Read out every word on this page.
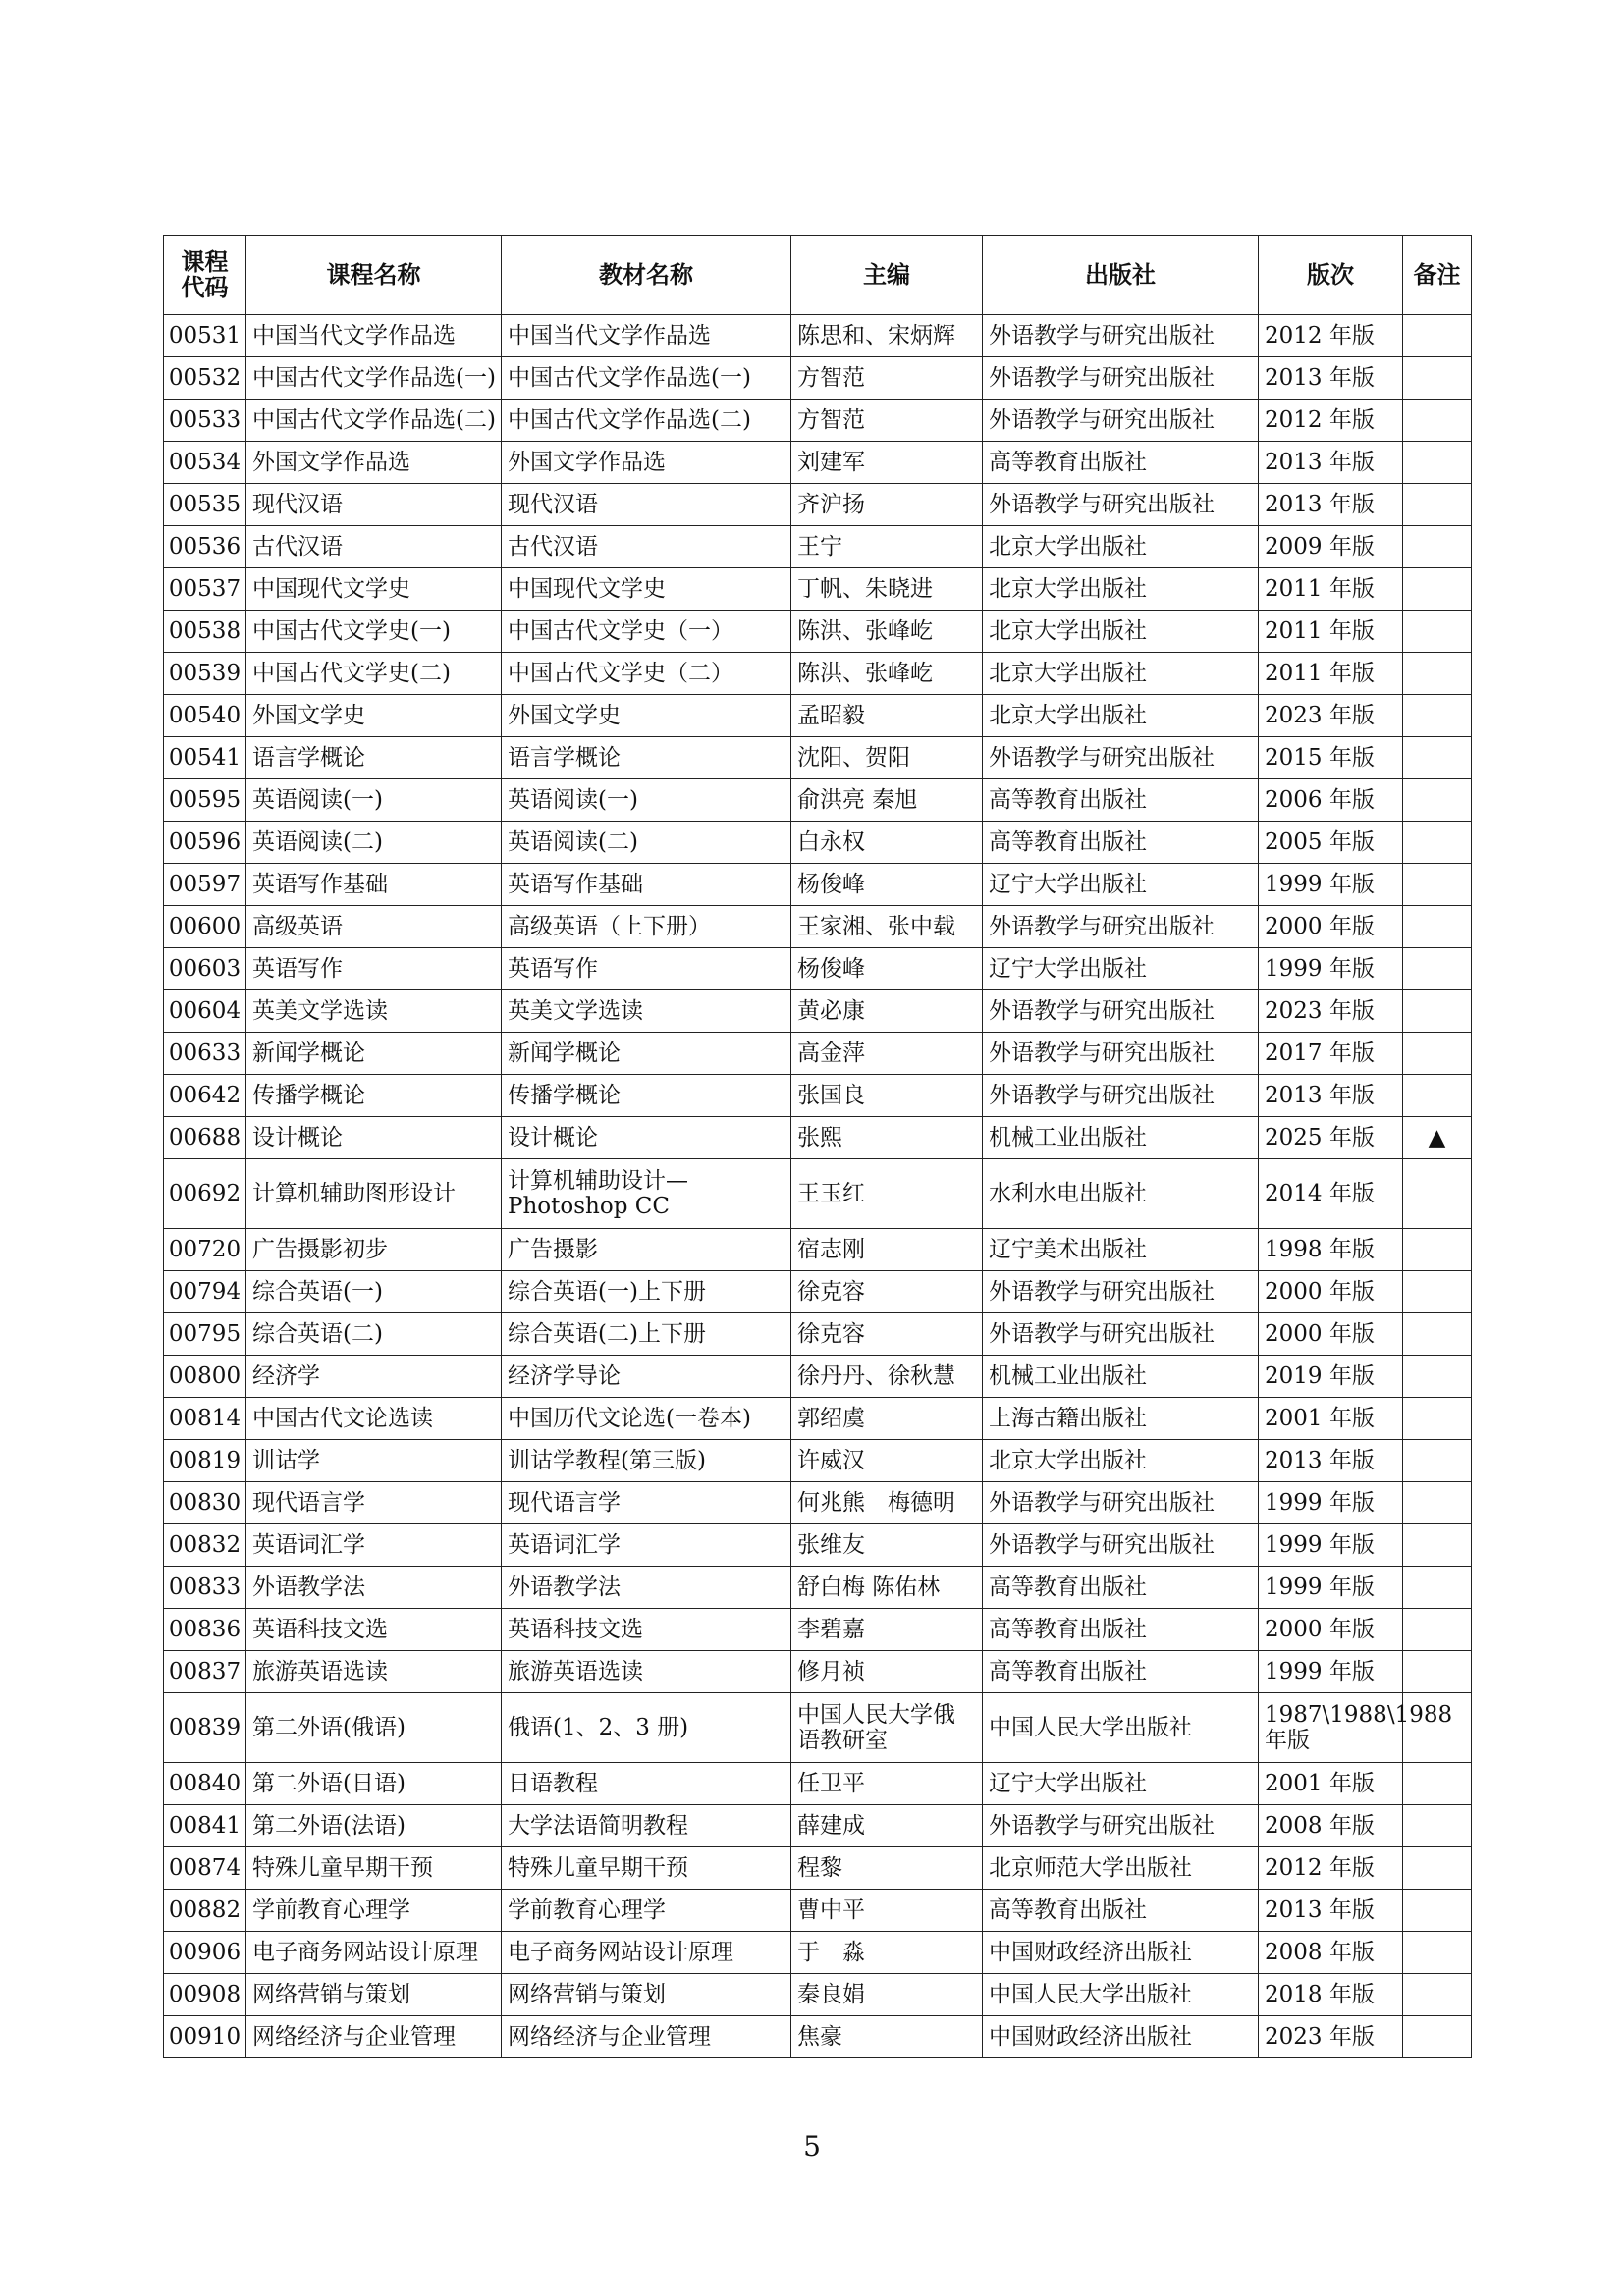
课程代码	课程名称	教材名称	主编	出版社	版次	备注
00531	中国当代文学作品选	中国当代文学作品选	陈思和、宋炳辉	外语教学与研究出版社	2012 年版	
00532	中国古代文学作品选(一)	中国古代文学作品选(一)	方智范	外语教学与研究出版社	2013 年版	
00533	中国古代文学作品选(二)	中国古代文学作品选(二)	方智范	外语教学与研究出版社	2012 年版	
00534	外国文学作品选	外国文学作品选	刘建军	高等教育出版社	2013 年版	
00535	现代汉语	现代汉语	齐沪扬	外语教学与研究出版社	2013 年版	
00536	古代汉语	古代汉语	王宁	北京大学出版社	2009 年版	
00537	中国现代文学史	中国现代文学史	丁帆、朱晓进	北京大学出版社	2011 年版	
00538	中国古代文学史(一)	中国古代文学史（一）	陈洪、张峰屹	北京大学出版社	2011 年版	
00539	中国古代文学史(二)	中国古代文学史（二）	陈洪、张峰屹	北京大学出版社	2011 年版	
00540	外国文学史	外国文学史	孟昭毅	北京大学出版社	2023 年版	
00541	语言学概论	语言学概论	沈阳、贺阳	外语教学与研究出版社	2015 年版	
00595	英语阅读(一)	英语阅读(一)	俞洪亮 秦旭	高等教育出版社	2006 年版	
00596	英语阅读(二)	英语阅读(二)	白永权	高等教育出版社	2005 年版	
00597	英语写作基础	英语写作基础	杨俊峰	辽宁大学出版社	1999 年版	
00600	高级英语	高级英语（上下册）	王家湘、张中载	外语教学与研究出版社	2000 年版	
00603	英语写作	英语写作	杨俊峰	辽宁大学出版社	1999 年版	
00604	英美文学选读	英美文学选读	黄必康	外语教学与研究出版社	2023 年版	
00633	新闻学概论	新闻学概论	高金萍	外语教学与研究出版社	2017 年版	
00642	传播学概论	传播学概论	张国良	外语教学与研究出版社	2013 年版	
00688	设计概论	设计概论	张熙	机械工业出版社	2025 年版	▲
00692	计算机辅助图形设计	计算机辅助设计—Photoshop CC	王玉红	水利水电出版社	2014 年版	
00720	广告摄影初步	广告摄影	宿志刚	辽宁美术出版社	1998 年版	
00794	综合英语(一)	综合英语(一)上下册	徐克容	外语教学与研究出版社	2000 年版	
00795	综合英语(二)	综合英语(二)上下册	徐克容	外语教学与研究出版社	2000 年版	
00800	经济学	经济学导论	徐丹丹、徐秋慧	机械工业出版社	2019 年版	
00814	中国古代文论选读	中国历代文论选(一卷本)	郭绍虞	上海古籍出版社	2001 年版	
00819	训诂学	训诂学教程(第三版)	许威汉	北京大学出版社	2013 年版	
00830	现代语言学	现代语言学	何兆熊　梅德明	外语教学与研究出版社	1999 年版	
00832	英语词汇学	英语词汇学	张维友	外语教学与研究出版社	1999 年版	
00833	外语教学法	外语教学法	舒白梅 陈佑林	高等教育出版社	1999 年版	
00836	英语科技文选	英语科技文选	李碧嘉	高等教育出版社	2000 年版	
00837	旅游英语选读	旅游英语选读	修月祯	高等教育出版社	1999 年版	
00839	第二外语(俄语)	俄语(1、2、3 册)	中国人民大学俄语教研室	中国人民大学出版社	1987\1988\1988 年版	
00840	第二外语(日语)	日语教程	任卫平	辽宁大学出版社	2001 年版	
00841	第二外语(法语)	大学法语简明教程	薛建成	外语教学与研究出版社	2008 年版	
00874	特殊儿童早期干预	特殊儿童早期干预	程黎	北京师范大学出版社	2012 年版	
00882	学前教育心理学	学前教育心理学	曹中平	高等教育出版社	2013 年版	
00906	电子商务网站设计原理	电子商务网站设计原理	于　淼	中国财政经济出版社	2008 年版	
00908	网络营销与策划	网络营销与策划	秦良娟	中国人民大学出版社	2018 年版	
00910	网络经济与企业管理	网络经济与企业管理	焦豪	中国财政经济出版社	2023 年版	
5
